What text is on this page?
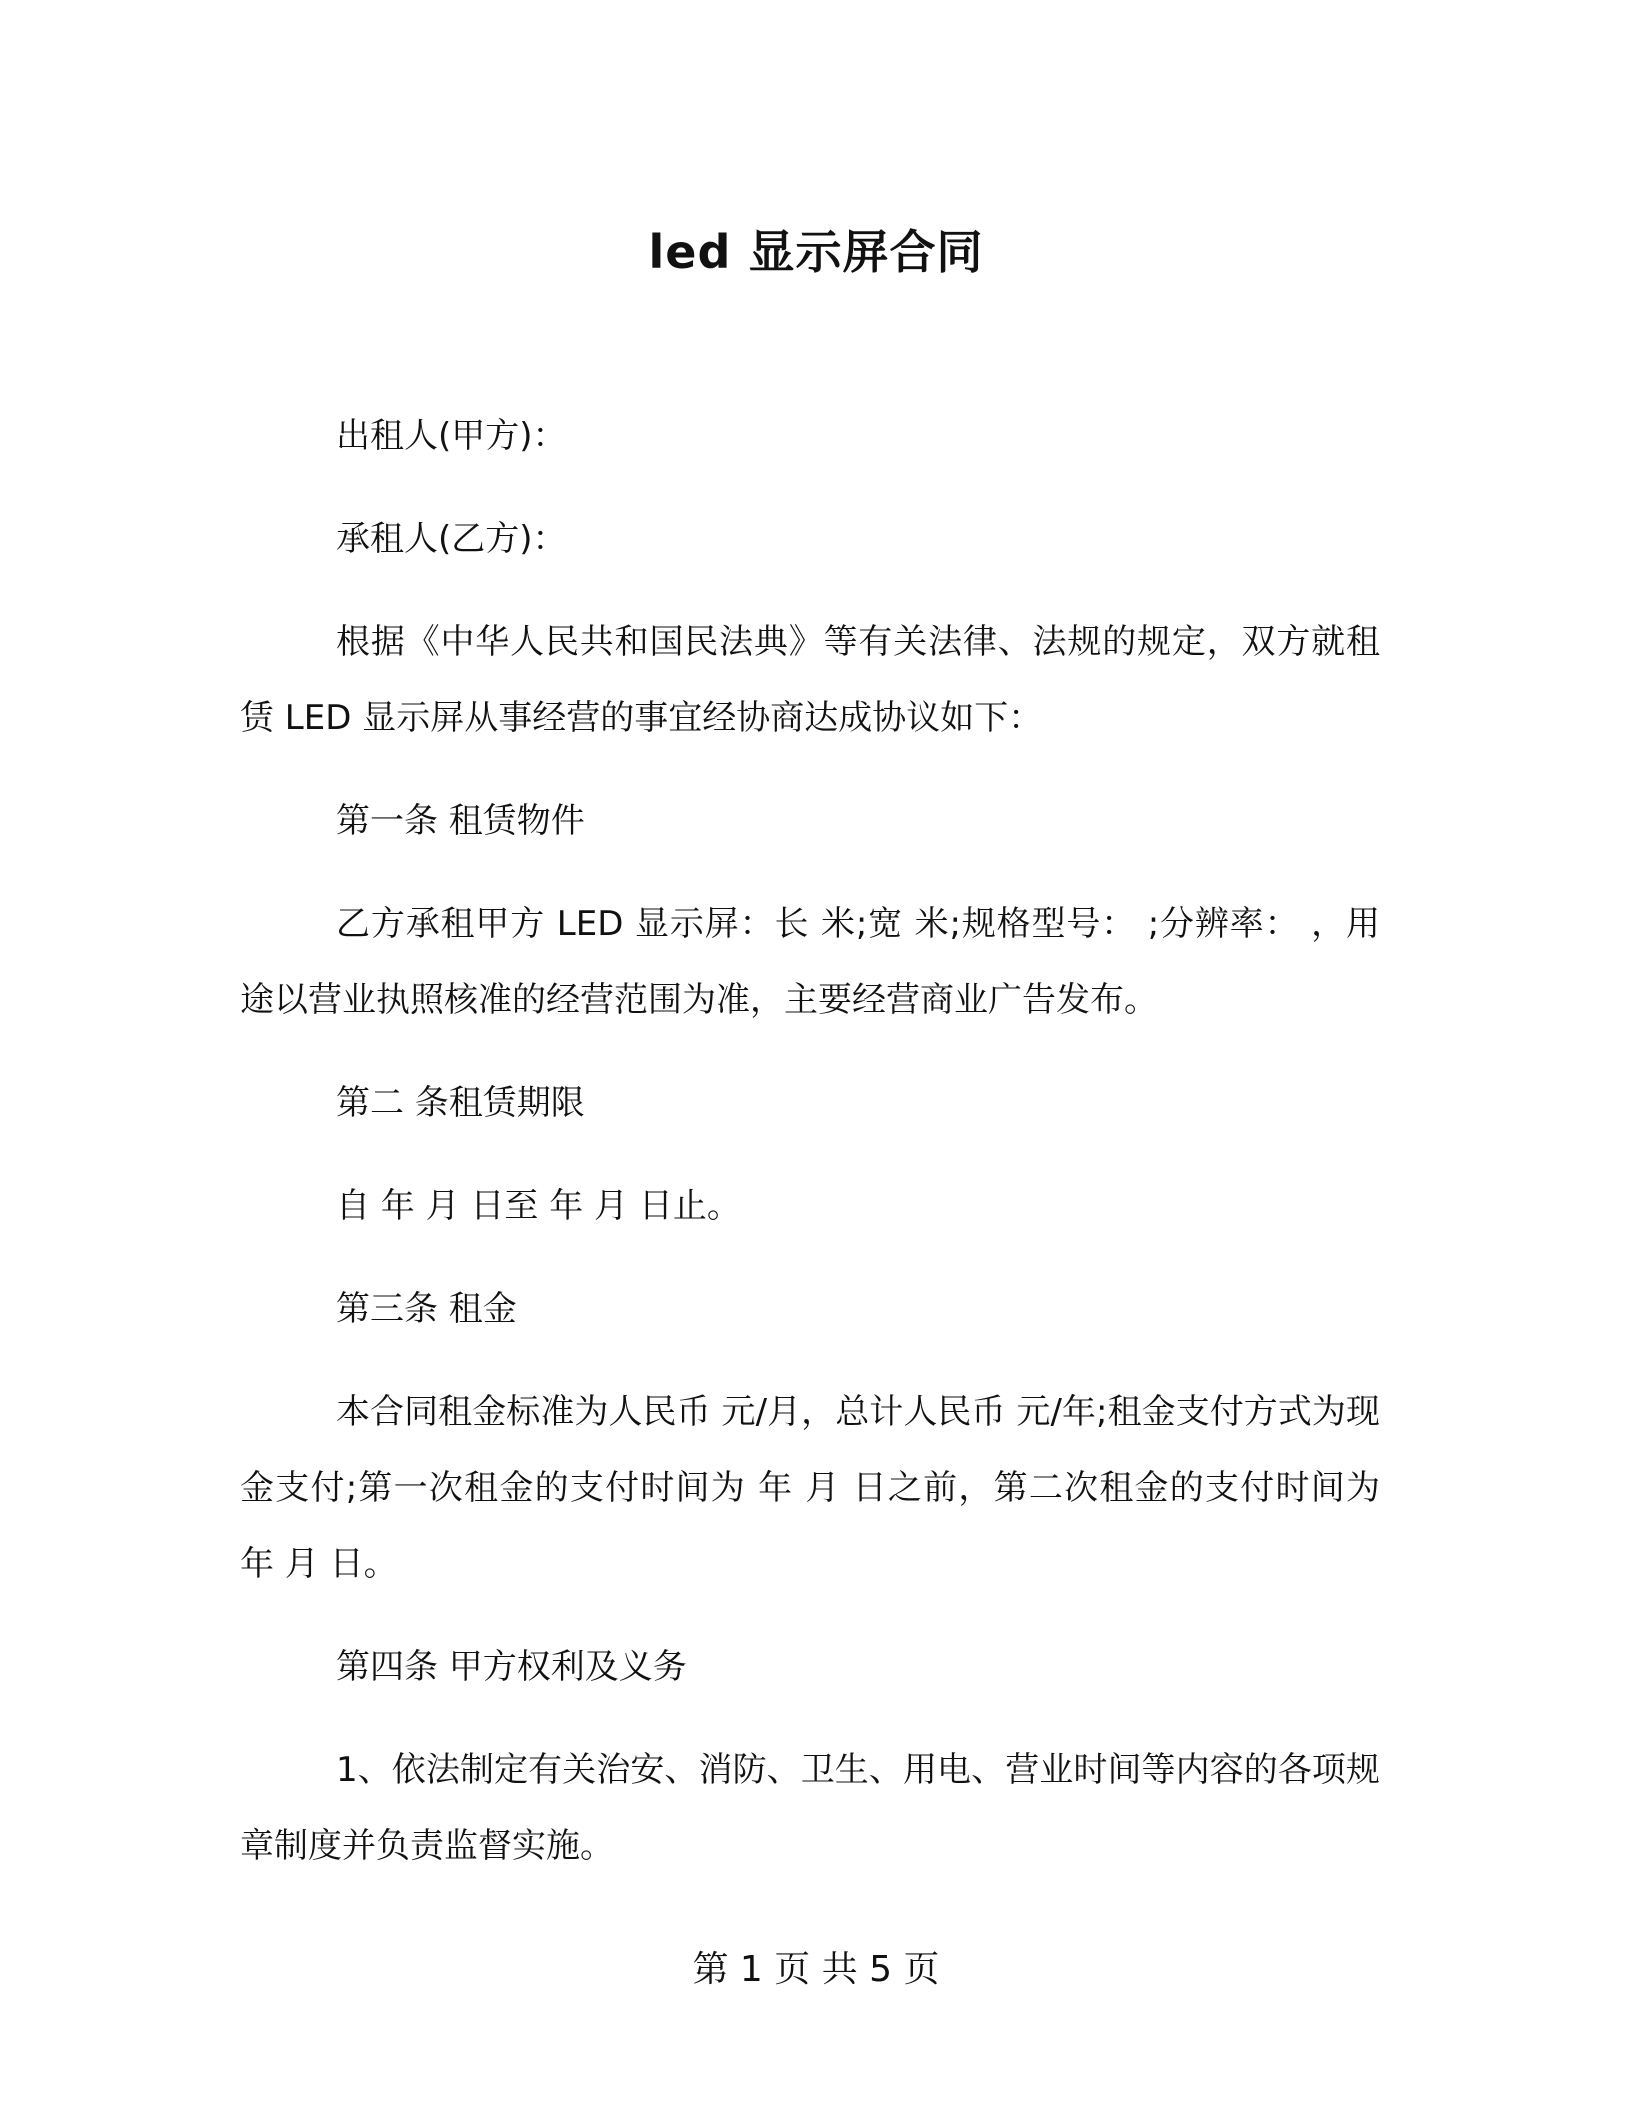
led 显示屏合同

出租人(甲方)：

承租人(乙方)：

根据《中华人民共和国民法典》等有关法律、法规的规定，双方就租赁 LED 显示屏从事经营的事宜经协商达成协议如下：

第一条 租赁物件

乙方承租甲方 LED 显示屏：长 米;宽 米;规格型号： ;分辨率： ，用途以营业执照核准的经营范围为准，主要经营商业广告发布。

第二 条租赁期限

自 年 月 日至 年 月 日止。

第三条 租金

本合同租金标准为人民币 元/月，总计人民币 元/年;租金支付方式为现金支付;第一次租金的支付时间为 年 月 日之前，第二次租金的支付时间为 年 月 日。

第四条 甲方权利及义务

1、依法制定有关治安、消防、卫生、用电、营业时间等内容的各项规章制度并负责监督实施。

第 1 页 共 5 页
